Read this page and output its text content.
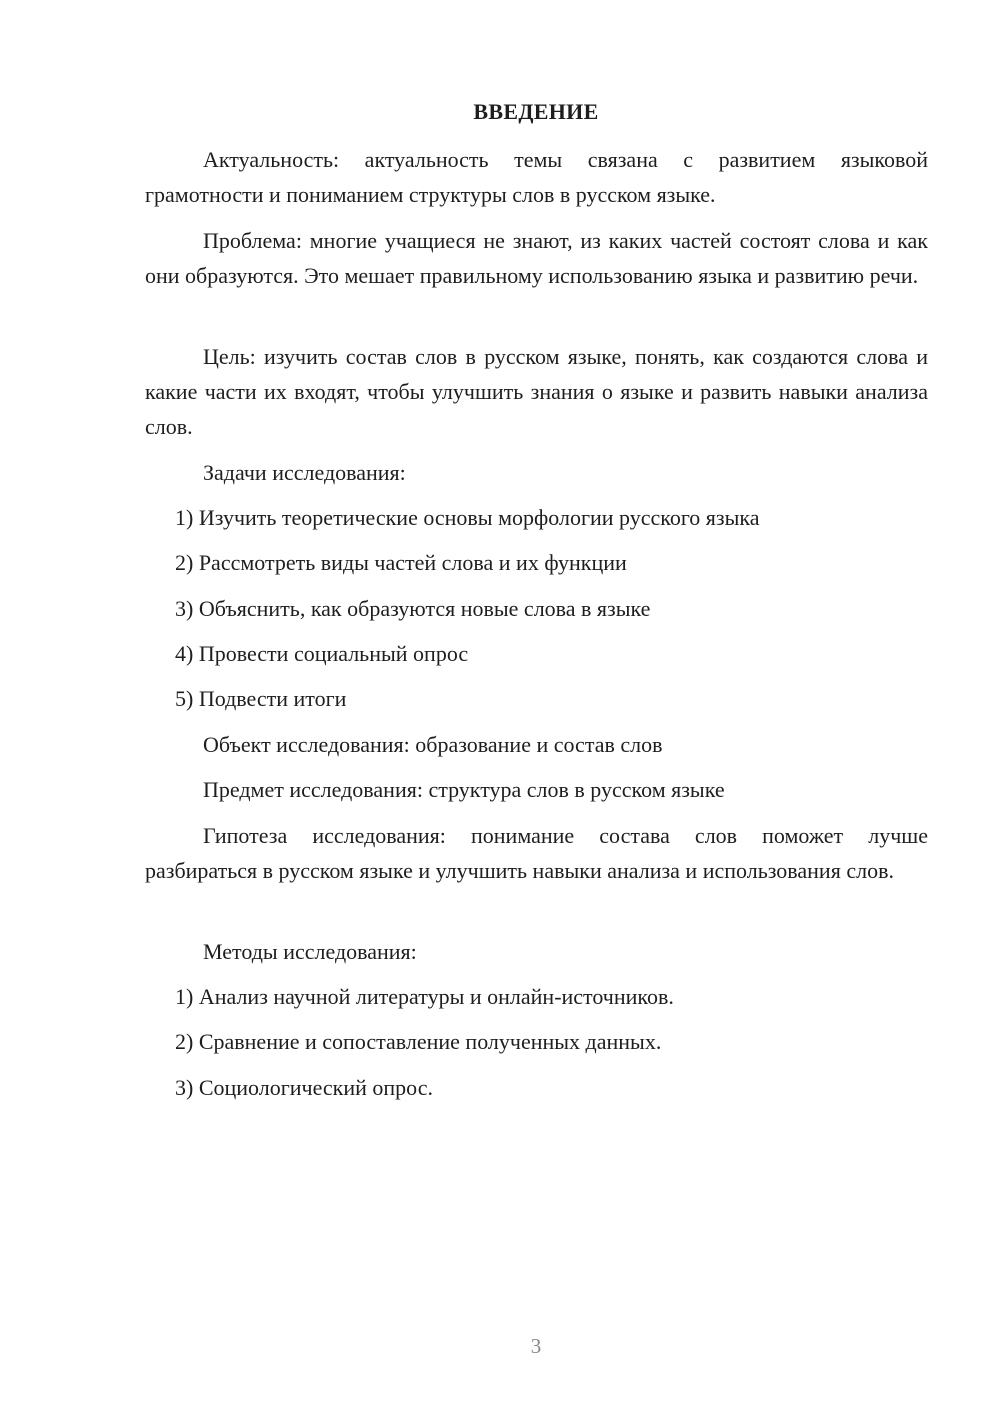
ВВЕДЕНИЕ

Актуальность: актуальность темы связана с развитием языковой грамотности и пониманием структуры слов в русском языке.

Проблема: многие учащиеся не знают, из каких частей состоят слова и как они образуются. Это мешает правильному использованию языка и развитию речи.

Цель: изучить состав слов в русском языке, понять, как создаются слова и какие части их входят, чтобы улучшить знания о языке и развить навыки анализа слов.

Задачи исследования:
1) Изучить теоретические основы морфологии русского языка
2) Рассмотреть виды частей слова и их функции
3) Объяснить, как образуются новые слова в языке
4) Провести социальный опрос
5) Подвести итоги
Объект исследования: образование и состав слов
Предмет исследования: структура слов в русском языке

Гипотеза исследования: понимание состава слов поможет лучше разбираться в русском языке и улучшить навыки анализа и использования слов.

Методы исследования:
1) Анализ научной литературы и онлайн-источников.
2) Сравнение и сопоставление полученных данных.
3) Социологический опрос.
3
